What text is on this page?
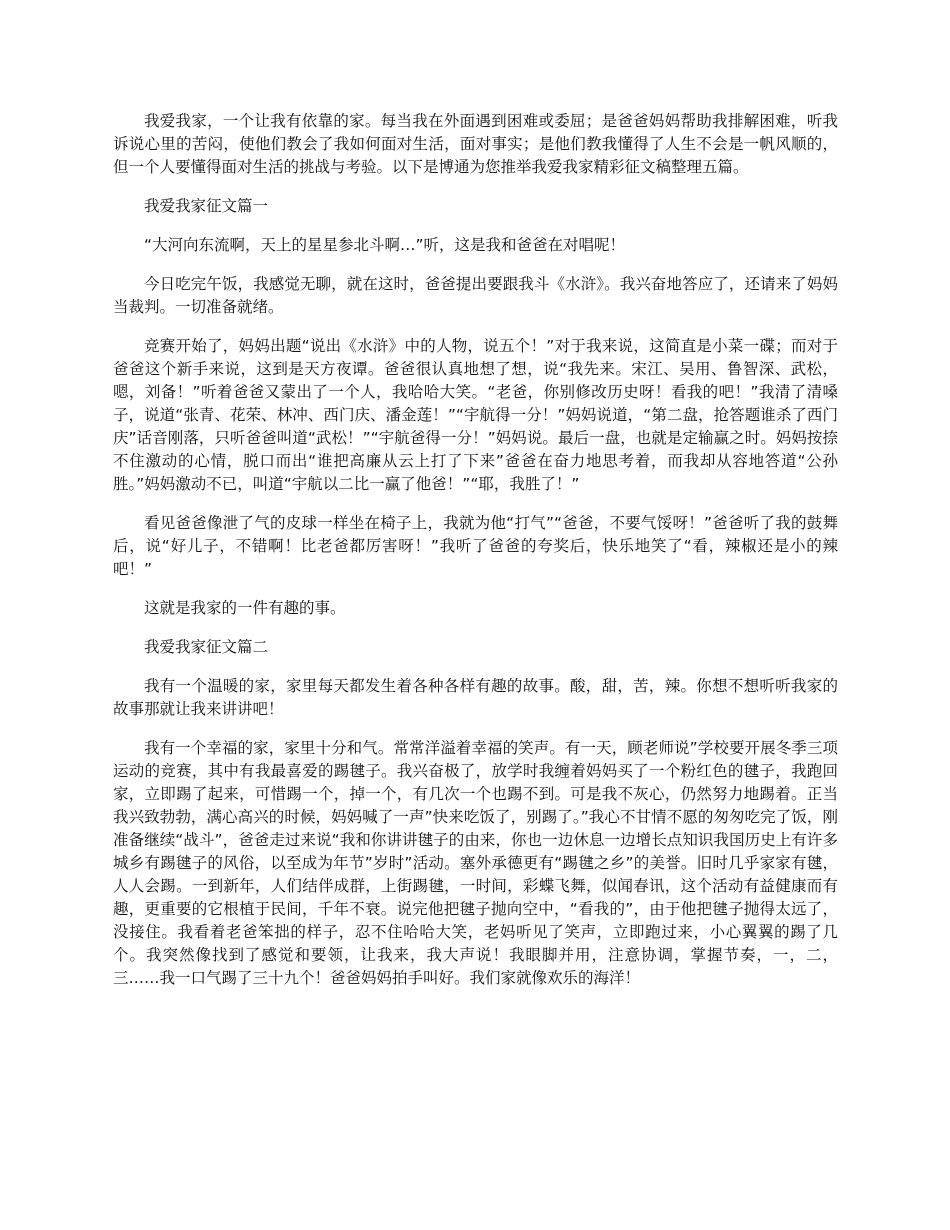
我爱我家，一个让我有依靠的家。每当我在外面遇到困难或委屈；是爸爸妈妈帮助我排解困难，听我诉说心里的苦闷，使他们教会了我如何面对生活，面对事实；是他们教我懂得了人生不会是一帆风顺的，但一个人要懂得面对生活的挑战与考验。以下是博通为您推举我爱我家精彩征文稿整理五篇。

我爱我家征文篇一

“大河向东流啊，天上的星星参北斗啊…”听，这是我和爸爸在对唱呢！

今日吃完午饭，我感觉无聊，就在这时，爸爸提出要跟我斗《水浒》。我兴奋地答应了，还请来了妈妈当裁判。一切准备就绪。

竞赛开始了，妈妈出题“说出《水浒》中的人物，说五个！”对于我来说，这简直是小菜一碟；而对于爸爸这个新手来说，这到是天方夜谭。爸爸很认真地想了想，说“我先来。宋江、吴用、鲁智深、武松，嗯，刘备！”听着爸爸又蒙出了一个人，我哈哈大笑。“老爸，你别修改历史呀！看我的吧！”我清了清嗓子，说道“张青、花荣、林冲、西门庆、潘金莲！”“宇航得一分！”妈妈说道，“第二盘，抢答题谁杀了西门庆”话音刚落，只听爸爸叫道“武松！”“宇航爸得一分！”妈妈说。最后一盘，也就是定输赢之时。妈妈按捺不住激动的心情，脱口而出“谁把高廉从云上打了下来”爸爸在奋力地思考着，而我却从容地答道“公孙胜。”妈妈激动不已，叫道“宇航以二比一赢了他爸！”“耶，我胜了！”

看见爸爸像泄了气的皮球一样坐在椅子上，我就为他“打气”“爸爸，不要气馁呀！”爸爸听了我的鼓舞后，说“好儿子，不错啊！比老爸都厉害呀！”我听了爸爸的夸奖后，快乐地笑了“看，辣椒还是小的辣吧！”

这就是我家的一件有趣的事。

我爱我家征文篇二

我有一个温暖的家，家里每天都发生着各种各样有趣的故事。酸，甜，苦，辣。你想不想听听我家的故事那就让我来讲讲吧！

我有一个幸福的家，家里十分和气。常常洋溢着幸福的笑声。有一天，顾老师说”学校要开展冬季三项运动的竞赛，其中有我最喜爱的踢毽子。我兴奋极了，放学时我缠着妈妈买了一个粉红色的毽子，我跑回家，立即踢了起来，可惜踢一个，掉一个，有几次一个也踢不到。可是我不灰心，仍然努力地踢着。正当我兴致勃勃，满心高兴的时候，妈妈喊了一声”快来吃饭了，别踢了。”我心不甘情不愿的匆匆吃完了饭，刚准备继续“战斗”，爸爸走过来说“我和你讲讲毽子的由来，你也一边休息一边增长点知识我国历史上有许多城乡有踢毽子的风俗，以至成为年节”岁时”活动。塞外承德更有“踢毽之乡”的美誉。旧时几乎家家有毽，人人会踢。一到新年，人们结伴成群，上街踢毽，一时间，彩蝶飞舞，似闻春讯，这个活动有益健康而有趣，更重要的它根植于民间，千年不衰。说完他把毽子抛向空中，“看我的”，由于他把毽子抛得太远了，没接住。我看着老爸笨拙的样子，忍不住哈哈大笑，老妈听见了笑声，立即跑过来，小心翼翼的踢了几个。我突然像找到了感觉和要领，让我来，我大声说！我眼脚并用，注意协调，掌握节奏，一，二，三……我一口气踢了三十九个！爸爸妈妈拍手叫好。我们家就像欢乐的海洋！
